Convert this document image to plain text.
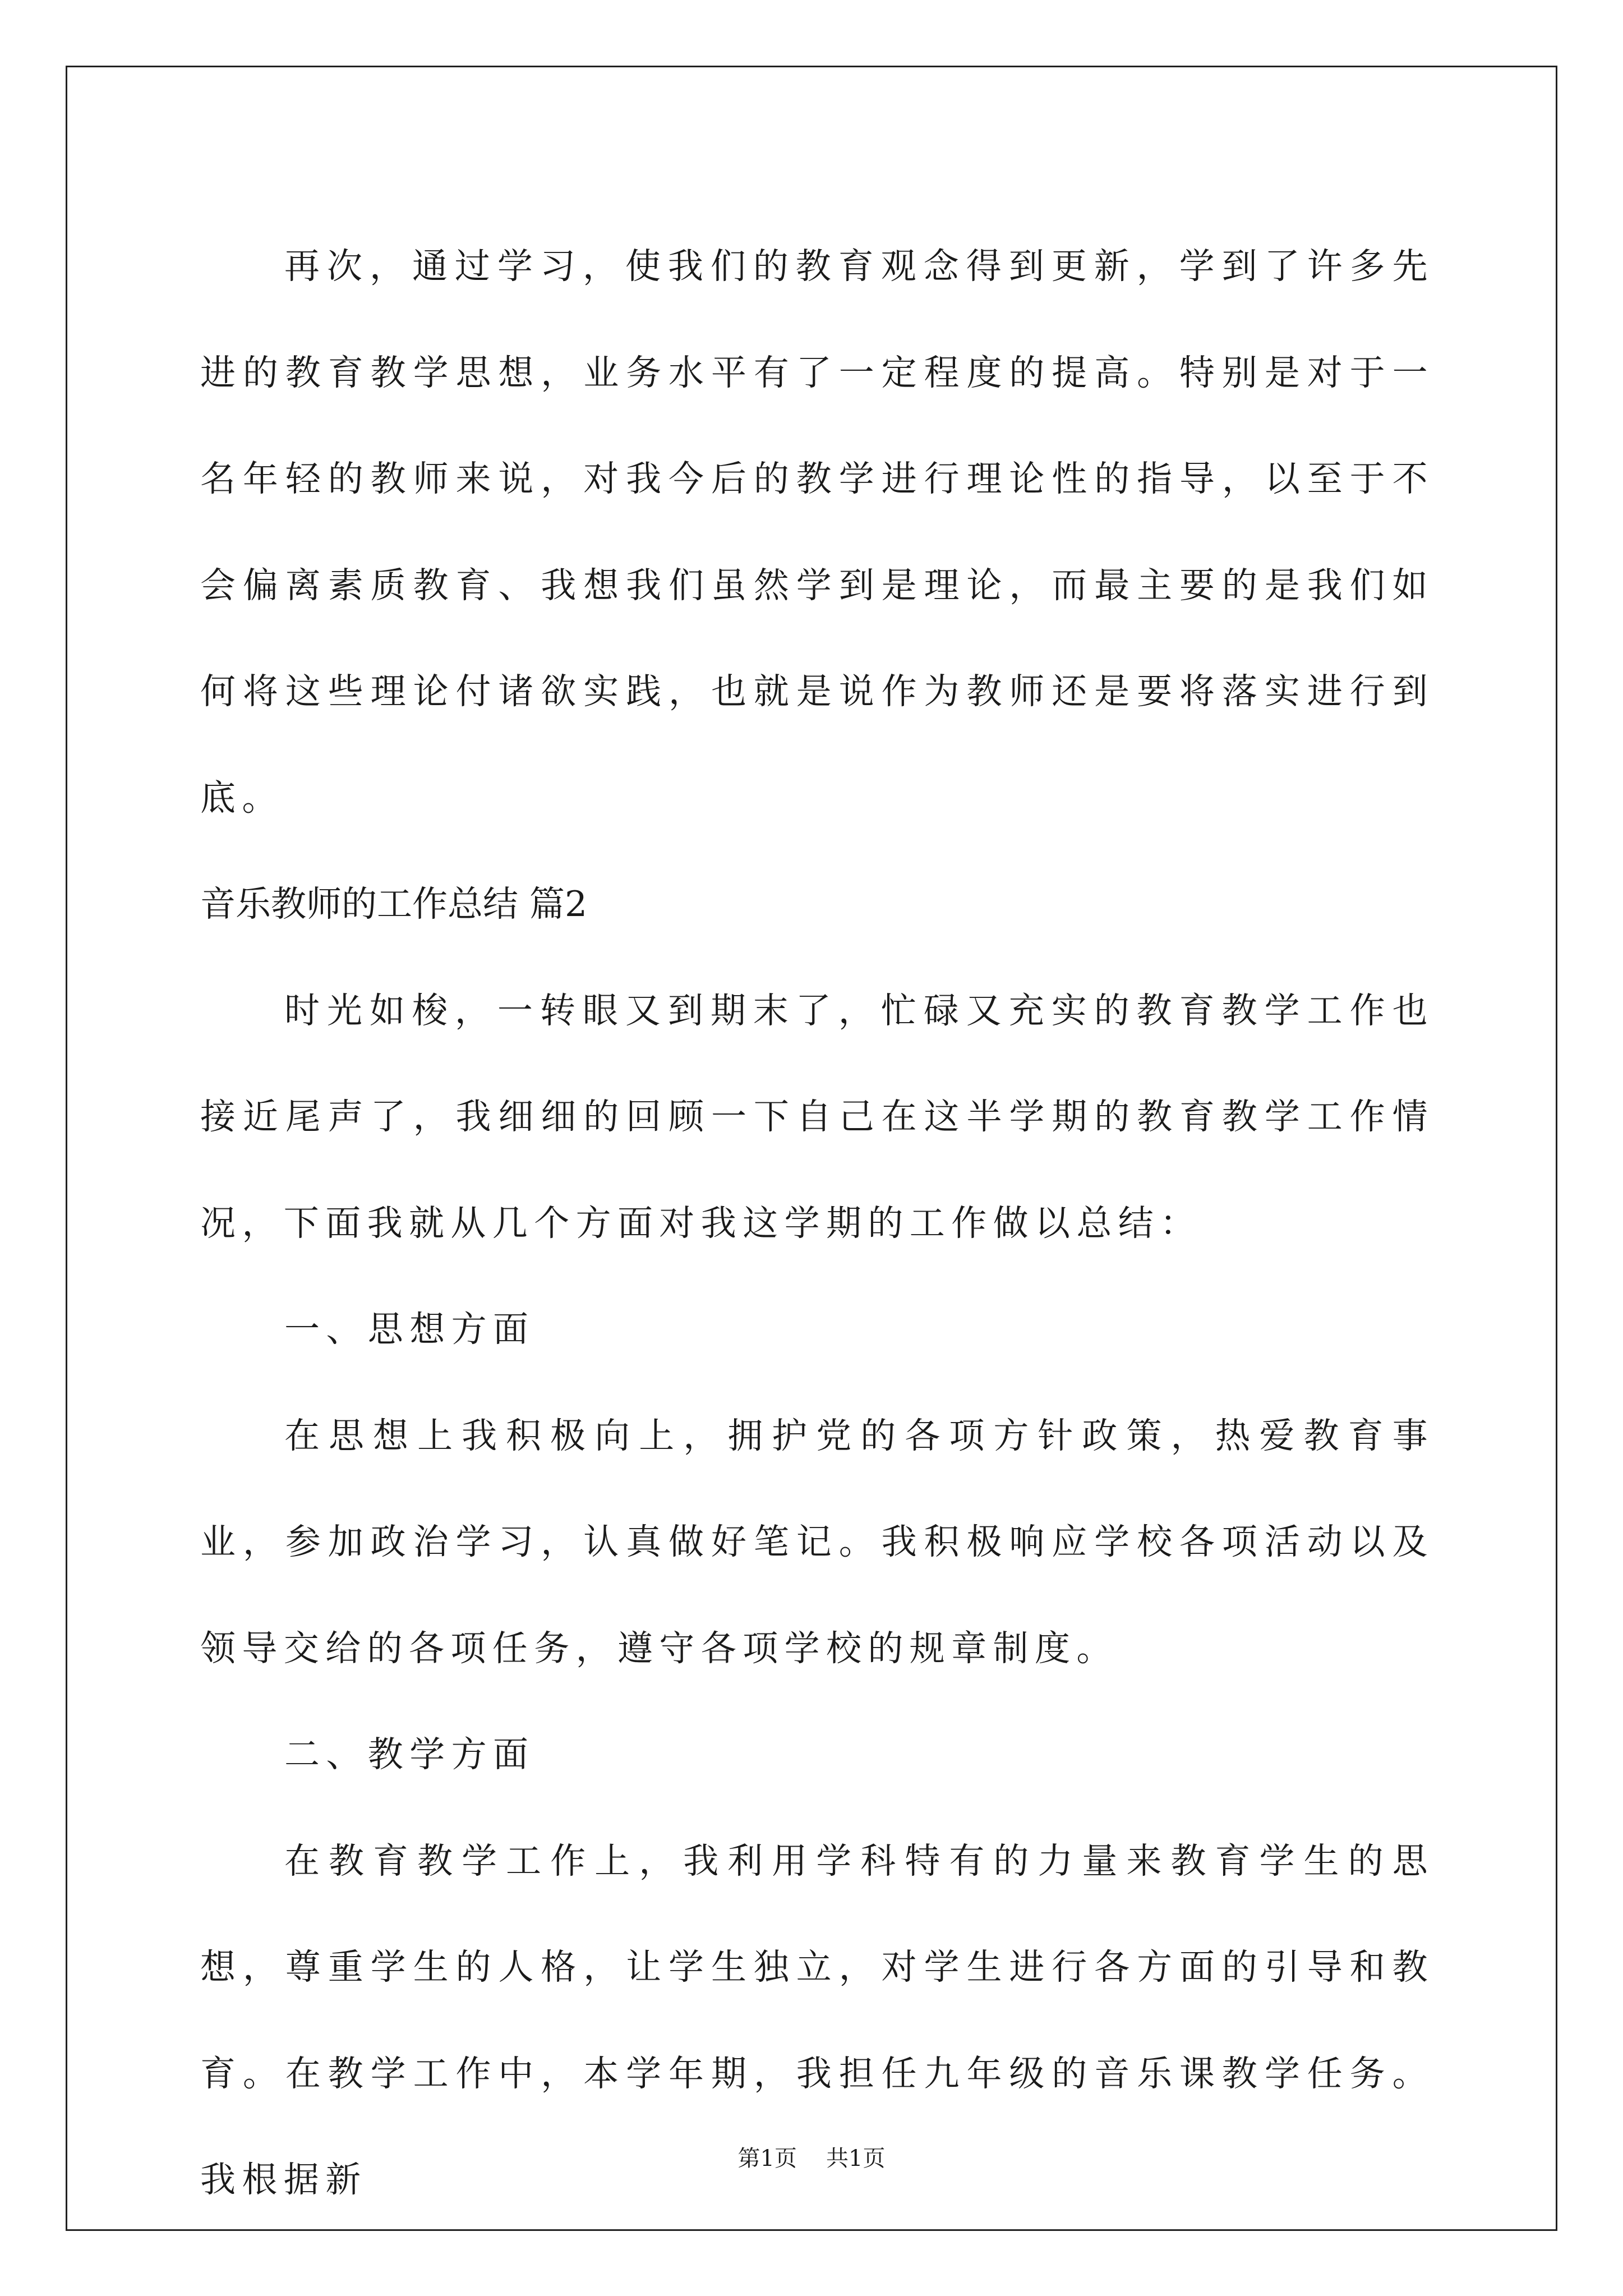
再次，通过学习，使我们的教育观念得到更新，学到了许多先进的教育教学思想，业务水平有了一定程度的提高。特别是对于一名年轻的教师来说，对我今后的教学进行理论性的指导，以至于不会偏离素质教育、我想我们虽然学到是理论，而最主要的是我们如何将这些理论付诸欲实践，也就是说作为教师还是要将落实进行到底。

音乐教师的工作总结 篇2

时光如梭，一转眼又到期末了，忙碌又充实的教育教学工作也接近尾声了，我细细的回顾一下自己在这半学期的教育教学工作情况，下面我就从几个方面对我这学期的工作做以总结：

一、思想方面

在思想上我积极向上，拥护党的各项方针政策，热爱教育事业，参加政治学习，认真做好笔记。我积极响应学校各项活动以及领导交给的各项任务，遵守各项学校的规章制度。

二、教学方面

在教育教学工作上，我利用学科特有的力量来教育学生的思想，尊重学生的人格，让学生独立，对学生进行各方面的引导和教育。在教学工作中，本学年期，我担任九年级的音乐课教学任务。我根据新

第1页 共1页
